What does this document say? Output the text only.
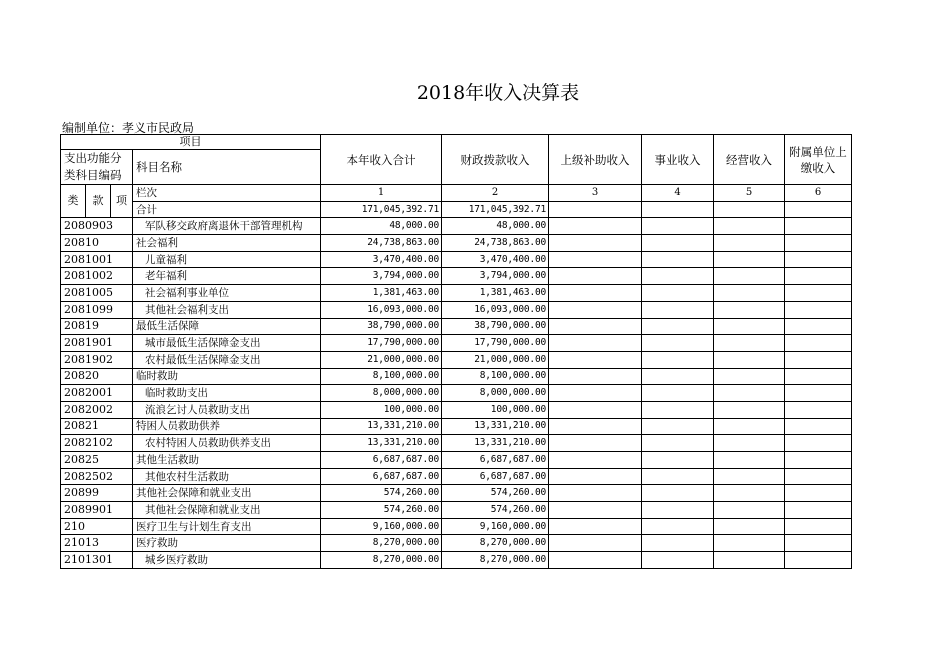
2018年收入决算表
编制单位：孝义市民政局
项目				本年收入合计	财政拨款收入	上级补助收入	事业收入	经营收入	附属单位上缴收入
支出功能分类科目编码			科目名称						

类	款	项	栏次	1	2	3	4	5	6
			合计	171,045,392.71	171,045,392.71				
2080903			军队移交政府离退休干部管理机构	48,000.00	48,000.00				
20810			社会福利	24,738,863.00	24,738,863.00				
2081001			儿童福利	3,470,400.00	3,470,400.00				
2081002			老年福利	3,794,000.00	3,794,000.00				
2081005			社会福利事业单位	1,381,463.00	1,381,463.00				
2081099			其他社会福利支出	16,093,000.00	16,093,000.00				
20819			最低生活保障	38,790,000.00	38,790,000.00				
2081901			城市最低生活保障金支出	17,790,000.00	17,790,000.00				
2081902			农村最低生活保障金支出	21,000,000.00	21,000,000.00				
20820			临时救助	8,100,000.00	8,100,000.00				
2082001			临时救助支出	8,000,000.00	8,000,000.00				
2082002			流浪乞讨人员救助支出	100,000.00	100,000.00				
20821			特困人员救助供养	13,331,210.00	13,331,210.00				
2082102			农村特困人员救助供养支出	13,331,210.00	13,331,210.00				
20825			其他生活救助	6,687,687.00	6,687,687.00				
2082502			其他农村生活救助	6,687,687.00	6,687,687.00				
20899			其他社会保障和就业支出	574,260.00	574,260.00				
2089901			其他社会保障和就业支出	574,260.00	574,260.00				
210			医疗卫生与计划生育支出	9,160,000.00	9,160,000.00				
21013			医疗救助	8,270,000.00	8,270,000.00				
2101301			城乡医疗救助	8,270,000.00	8,270,000.00				
